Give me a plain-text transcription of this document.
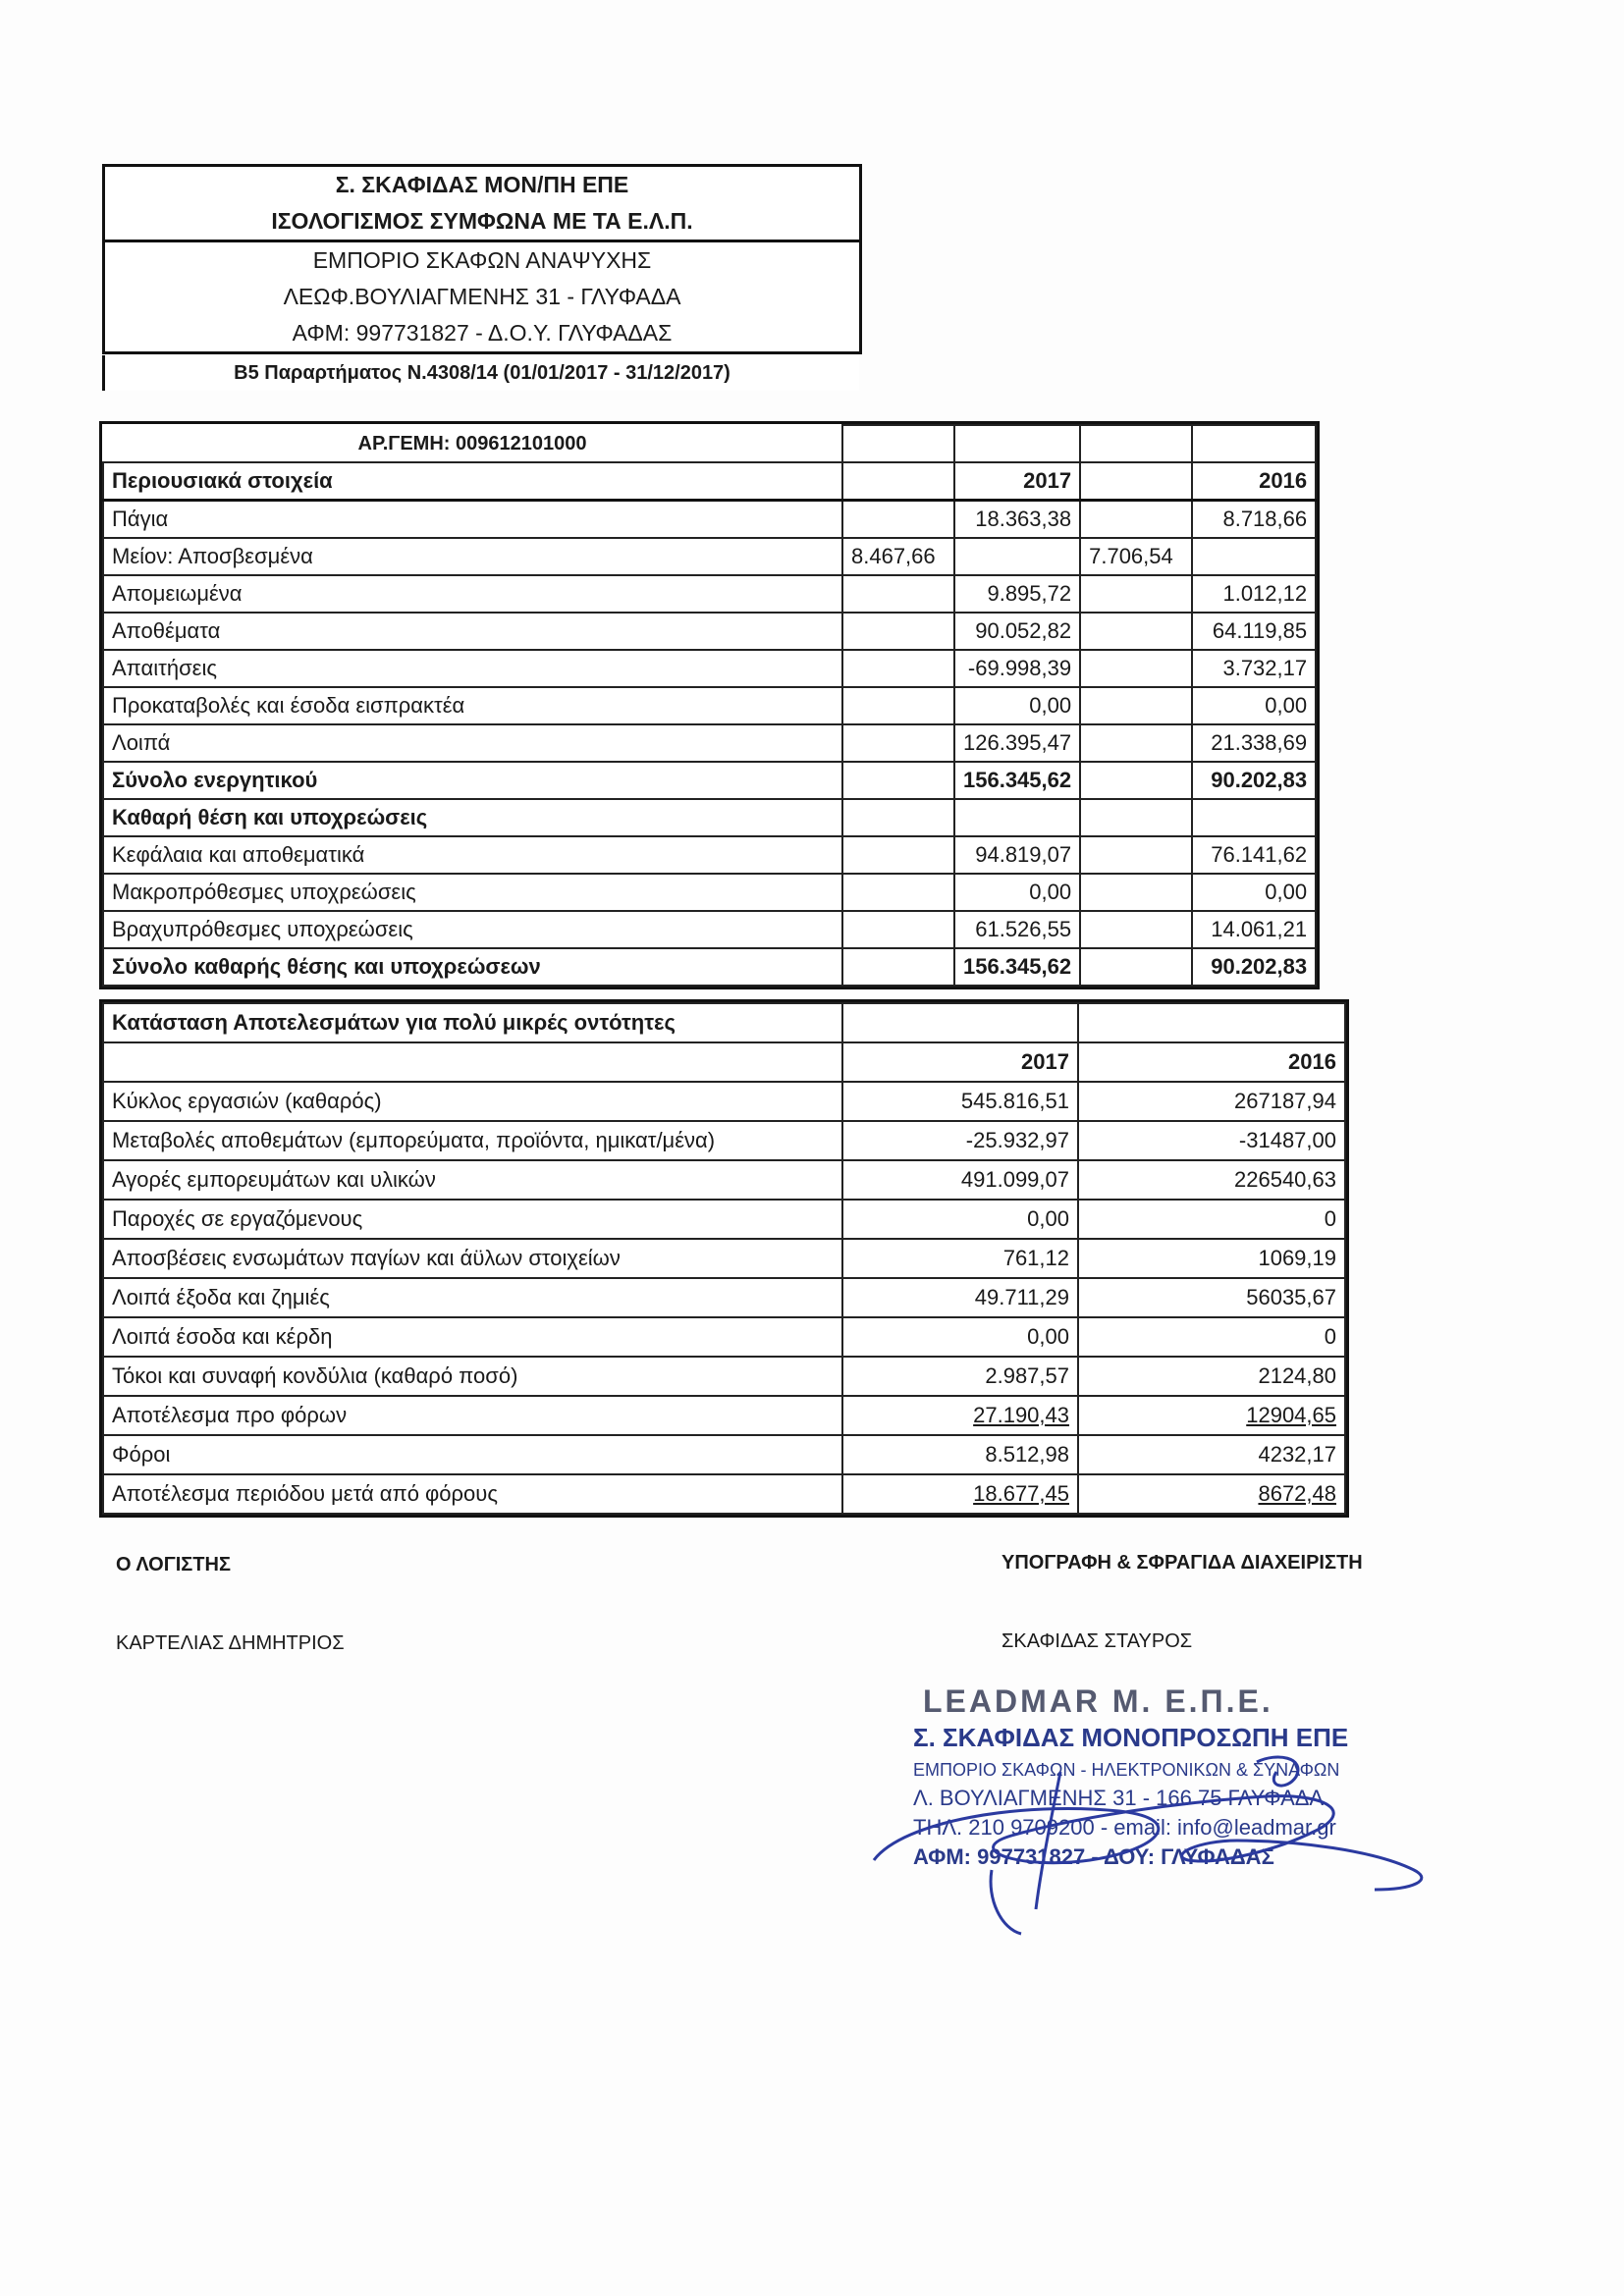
Σ. ΣΚΑΦΙΔΑΣ ΜΟΝ/ΠΗ ΕΠΕ
ΙΣΟΛΟΓΙΣΜΟΣ ΣΥΜΦΩΝΑ ΜΕ ΤΑ Ε.Λ.Π.
ΕΜΠΟΡΙΟ ΣΚΑΦΩΝ ΑΝΑΨΥΧΗΣ
ΛΕΩΦ.ΒΟΥΛΙΑΓΜΕΝΗΣ 31 - ΓΛΥΦΑΔΑ
ΑΦΜ: 997731827 - Δ.Ο.Υ. ΓΛΥΦΑΔΑΣ
Β5 Παραρτήματος Ν.4308/14 (01/01/2017 - 31/12/2017)
ΑΡ.ΓΕΜΗ: 009612101000				
Περιουσιακά στοιχεία		2017		2016
Πάγια		18.363,38		8.718,66
Μείον: Αποσβεσμένα	8.467,66		7.706,54	
Απομειωμένα		9.895,72		1.012,12
Αποθέματα		90.052,82		64.119,85
Απαιτήσεις		-69.998,39		3.732,17
Προκαταβολές και έσοδα εισπρακτέα		0,00		0,00
Λοιπά		126.395,47		21.338,69
Σύνολο ενεργητικού		156.345,62		90.202,83
Καθαρή θέση και υποχρεώσεις				
Κεφάλαια και αποθεματικά		94.819,07		76.141,62
Μακροπρόθεσμες υποχρεώσεις		0,00		0,00
Βραχυπρόθεσμες υποχρεώσεις		61.526,55		14.061,21
Σύνολο καθαρής θέσης και υποχρεώσεων		156.345,62		90.202,83
Κατάσταση Αποτελεσμάτων για πολύ μικρές οντότητες		
	2017	2016
Κύκλος εργασιών (καθαρός)	545.816,51	267187,94
Μεταβολές αποθεμάτων (εμπορεύματα, προϊόντα, ημικατ/μένα)	-25.932,97	-31487,00
Αγορές εμπορευμάτων και υλικών	491.099,07	226540,63
Παροχές σε εργαζόμενους	0,00	0
Αποσβέσεις ενσωμάτων παγίων και άϋλων στοιχείων	761,12	1069,19
Λοιπά έξοδα και ζημιές	49.711,29	56035,67
Λοιπά έσοδα και κέρδη	0,00	0
Τόκοι και συναφή κονδύλια (καθαρό ποσό)	2.987,57	2124,80
Αποτέλεσμα προ φόρων	27.190,43	12904,65
Φόροι	8.512,98	4232,17
Αποτέλεσμα περιόδου μετά από φόρους	18.677,45	8672,48
Ο ΛΟΓΙΣΤΗΣ
ΚΑΡΤΕΛΙΑΣ ΔΗΜΗΤΡΙΟΣ
ΥΠΟΓΡΑΦΗ & ΣΦΡΑΓΙΔΑ ΔΙΑΧΕΙΡΙΣΤΗ
ΣΚΑΦΙΔΑΣ ΣΤΑΥΡΟΣ
LEADMAR M. E.Π.Ε.
Σ. ΣΚΑΦΙΔΑΣ ΜΟΝΟΠΡΟΣΩΠΗ ΕΠΕ
ΕΜΠΟΡΙΟ ΣΚΑΦΩΝ - ΗΛΕΚΤΡΟΝΙΚΩΝ & ΣΥΝΑΦΩΝ
Λ. ΒΟΥΛΙΑΓΜΕΝΗΣ 31 - 166 75 ΓΛΥΦΑΔΑ
ΤΗΛ. 210 9709200 - email: info@leadmar.gr
ΑΦΜ: 997731827 - ΔΟΥ: ΓΛΥΦΑΔΑΣ
